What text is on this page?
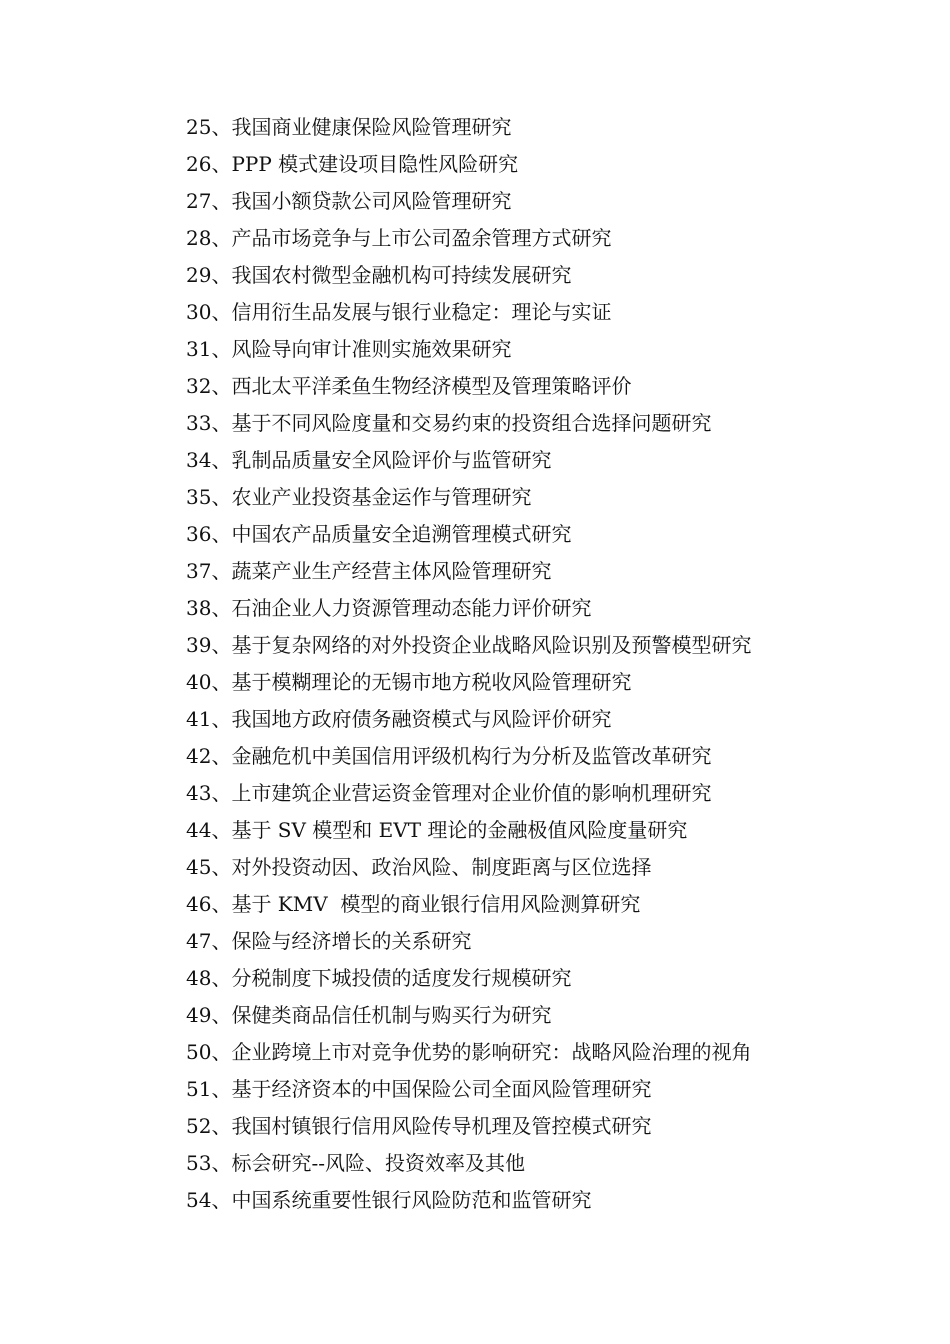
25、我国商业健康保险风险管理研究
26、PPP 模式建设项目隐性风险研究
27、我国小额贷款公司风险管理研究
28、产品市场竞争与上市公司盈余管理方式研究
29、我国农村微型金融机构可持续发展研究
30、信用衍生品发展与银行业稳定：理论与实证
31、风险导向审计准则实施效果研究
32、西北太平洋柔鱼生物经济模型及管理策略评价
33、基于不同风险度量和交易约束的投资组合选择问题研究
34、乳制品质量安全风险评价与监管研究
35、农业产业投资基金运作与管理研究
36、中国农产品质量安全追溯管理模式研究
37、蔬菜产业生产经营主体风险管理研究
38、石油企业人力资源管理动态能力评价研究
39、基于复杂网络的对外投资企业战略风险识别及预警模型研究
40、基于模糊理论的无锡市地方税收风险管理研究
41、我国地方政府债务融资模式与风险评价研究
42、金融危机中美国信用评级机构行为分析及监管改革研究
43、上市建筑企业营运资金管理对企业价值的影响机理研究
44、基于 SV 模型和 EVT 理论的金融极值风险度量研究
45、对外投资动因、政治风险、制度距离与区位选择
46、基于 KMV  模型的商业银行信用风险测算研究
47、保险与经济增长的关系研究
48、分税制度下城投债的适度发行规模研究
49、保健类商品信任机制与购买行为研究
50、企业跨境上市对竞争优势的影响研究：战略风险治理的视角
51、基于经济资本的中国保险公司全面风险管理研究
52、我国村镇银行信用风险传导机理及管控模式研究
53、标会研究--风险、投资效率及其他
54、中国系统重要性银行风险防范和监管研究
